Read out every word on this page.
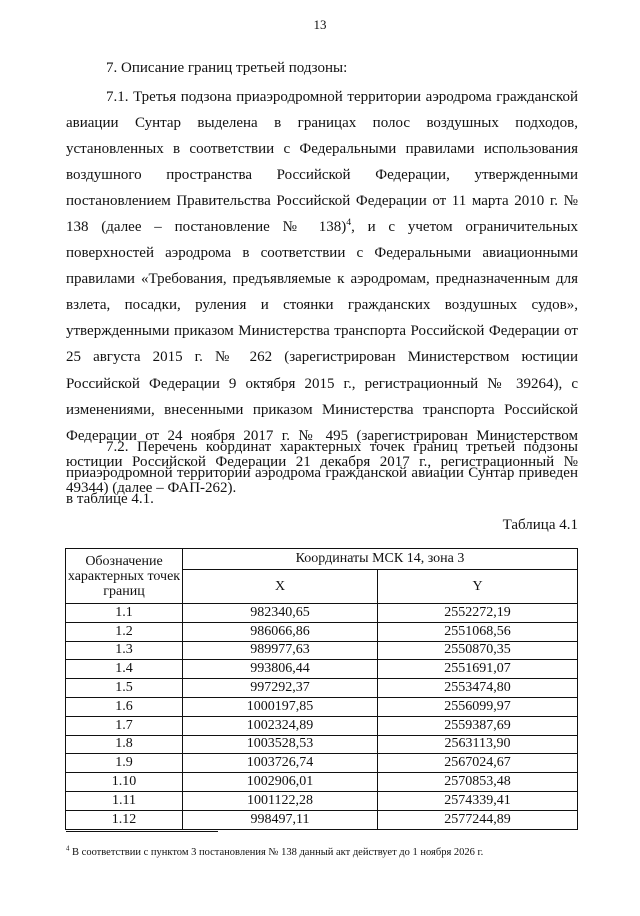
13
7. Описание границ третьей подзоны:
7.1. Третья подзона приаэродромной территории аэродрома гражданской авиации Сунтар выделена в границах полос воздушных подходов, установленных в соответствии с Федеральными правилами использования воздушного пространства Российской Федерации, утвержденными постановлением Правительства Российской Федерации от 11 марта 2010 г. № 138 (далее – постановление № 138)$^4$, и с учетом ограничительных поверхностей аэродрома в соответствии с Федеральными авиационными правилами «Требования, предъявляемые к аэродромам, предназначенным для взлета, посадки, руления и стоянки гражданских воздушных судов», утвержденными приказом Министерства транспорта Российской Федерации от 25 августа 2015 г. № 262 (зарегистрирован Министерством юстиции Российской Федерации 9 октября 2015 г., регистрационный № 39264), с изменениями, внесенными приказом Министерства транспорта Российской Федерации от 24 ноября 2017 г. № 495 (зарегистрирован Министерством юстиции Российской Федерации 21 декабря 2017 г., регистрационный № 49344) (далее – ФАП-262).
7.2. Перечень координат характерных точек границ третьей подзоны приаэродромной территории аэродрома гражданской авиации Сунтар приведен в таблице 4.1.
Таблица 4.1
Обозначение характерных точек границ	Координаты МСК 14, зона 3	
	X	Y
1.1	982340,65	2552272,19
1.2	986066,86	2551068,56
1.3	989977,63	2550870,35
1.4	993806,44	2551691,07
1.5	997292,37	2553474,80
1.6	1000197,85	2556099,97
1.7	1002324,89	2559387,69
1.8	1003528,53	2563113,90
1.9	1003726,74	2567024,67
1.10	1002906,01	2570853,48
1.11	1001122,28	2574339,41
1.12	998497,11	2577244,89
$^4$ В соответствии с пунктом 3 постановления № 138 данный акт действует до 1 ноября 2026 г.
